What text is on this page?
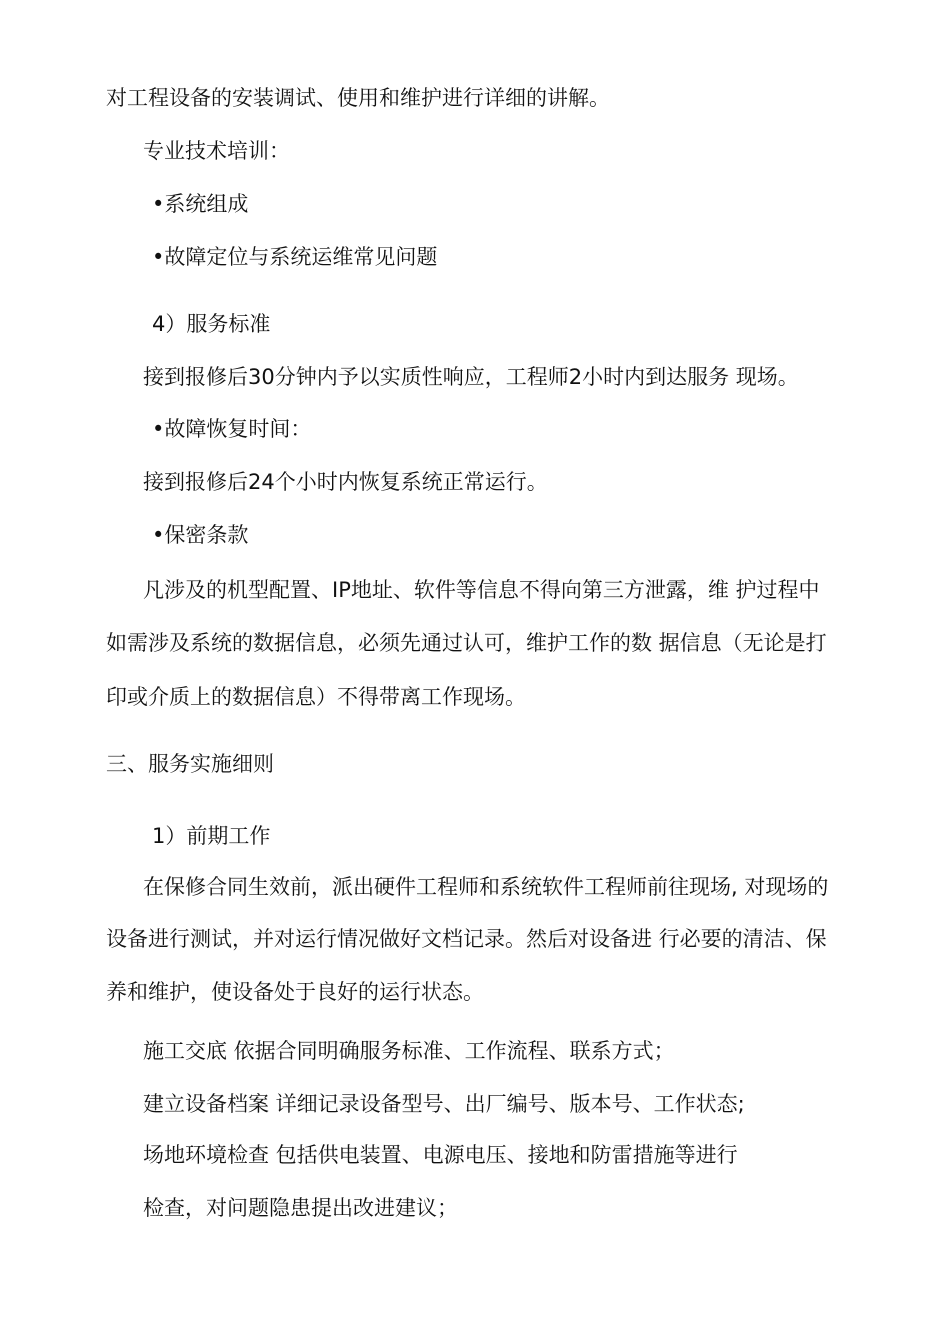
对工程设备的安装调试、使用和维护进行详细的讲解。
专业技术培训：
•系统组成
•故障定位与系统运维常见问题
4）服务标准
接到报修后30分钟内予以实质性响应，工程师2小时内到达服务 现场。
•故障恢复时间：
接到报修后24个小时内恢复系统正常运行。
•保密条款
凡涉及的机型配置、IP地址、软件等信息不得向第三方泄露，维 护过程中
如需涉及系统的数据信息，必须先通过认可，维护工作的数 据信息（无论是打
印或介质上的数据信息）不得带离工作现场。
三、服务实施细则
1）前期工作
在保修合同生效前，派出硬件工程师和系统软件工程师前往现场, 对现场的
设备进行测试，并对运行情况做好文档记录。然后对设备进 行必要的清洁、保
养和维护，使设备处于良好的运行状态。
施工交底 依据合同明确服务标准、工作流程、联系方式；
建立设备档案 详细记录设备型号、出厂编号、版本号、工作状态;
场地环境检查 包括供电装置、电源电压、接地和防雷措施等进行
检查，对问题隐患提出改进建议；
